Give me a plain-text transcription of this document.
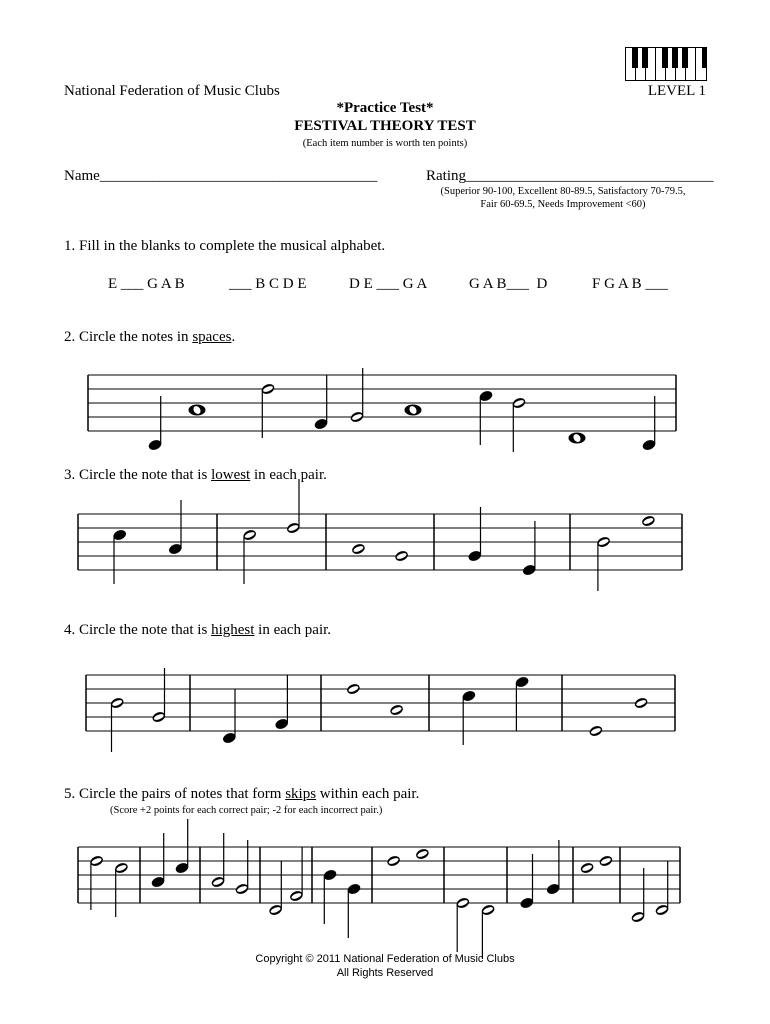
National Federation of Music Clubs	LEVEL 1
*Practice Test*
FESTIVAL THEORY TEST
(Each item number is worth ten points)
Name_____________________________________	Rating_________________________________
(Superior 90-100, Excellent 80-89.5, Satisfactory 70-79.5,
Fair 60-69.5, Needs Improvement <60)
1. Fill in the blanks to complete the musical alphabet.
E ___ G A B	___ B C D E	D E ___ G A	G A B___  D	F G A B ___
2. Circle the notes in spaces.
3. Circle the note that is lowest in each pair.
4. Circle the note that is highest in each pair.
5. Circle the pairs of notes that form skips within each pair.
(Score +2 points for each correct pair; -2 for each incorrect pair.)
Copyright © 2011 National Federation of Music Clubs
All Rights Reserved
